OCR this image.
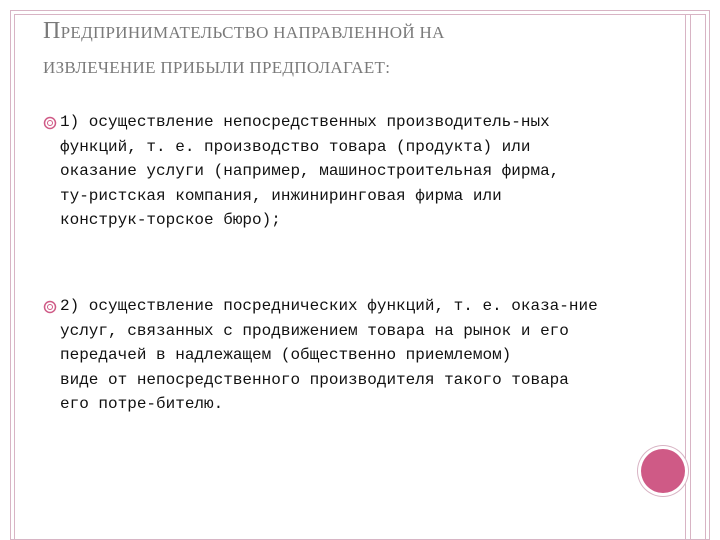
ПРЕДПРИНИМАТЕЛЬСТВО НАПРАВЛЕННОЙ НА
ИЗВЛЕЧЕНИЕ ПРИБЫЛИ ПРЕДПОЛАГАЕТ:
1) осуществление непосредственных производитель-ных
функций, т. е. производство товара (продукта) или
оказание услуги (например, машиностроительная фирма,
ту-ристская компания, инжиниринговая фирма или
конструк-торское бюро);
2) осуществление посреднических функций, т. е. оказа-ние
услуг, связанных с продвижением товара на рынок и его
передачей в надлежащем (общественно приемлемом)
виде от непосредственного производителя такого товара
его потре-бителю.
